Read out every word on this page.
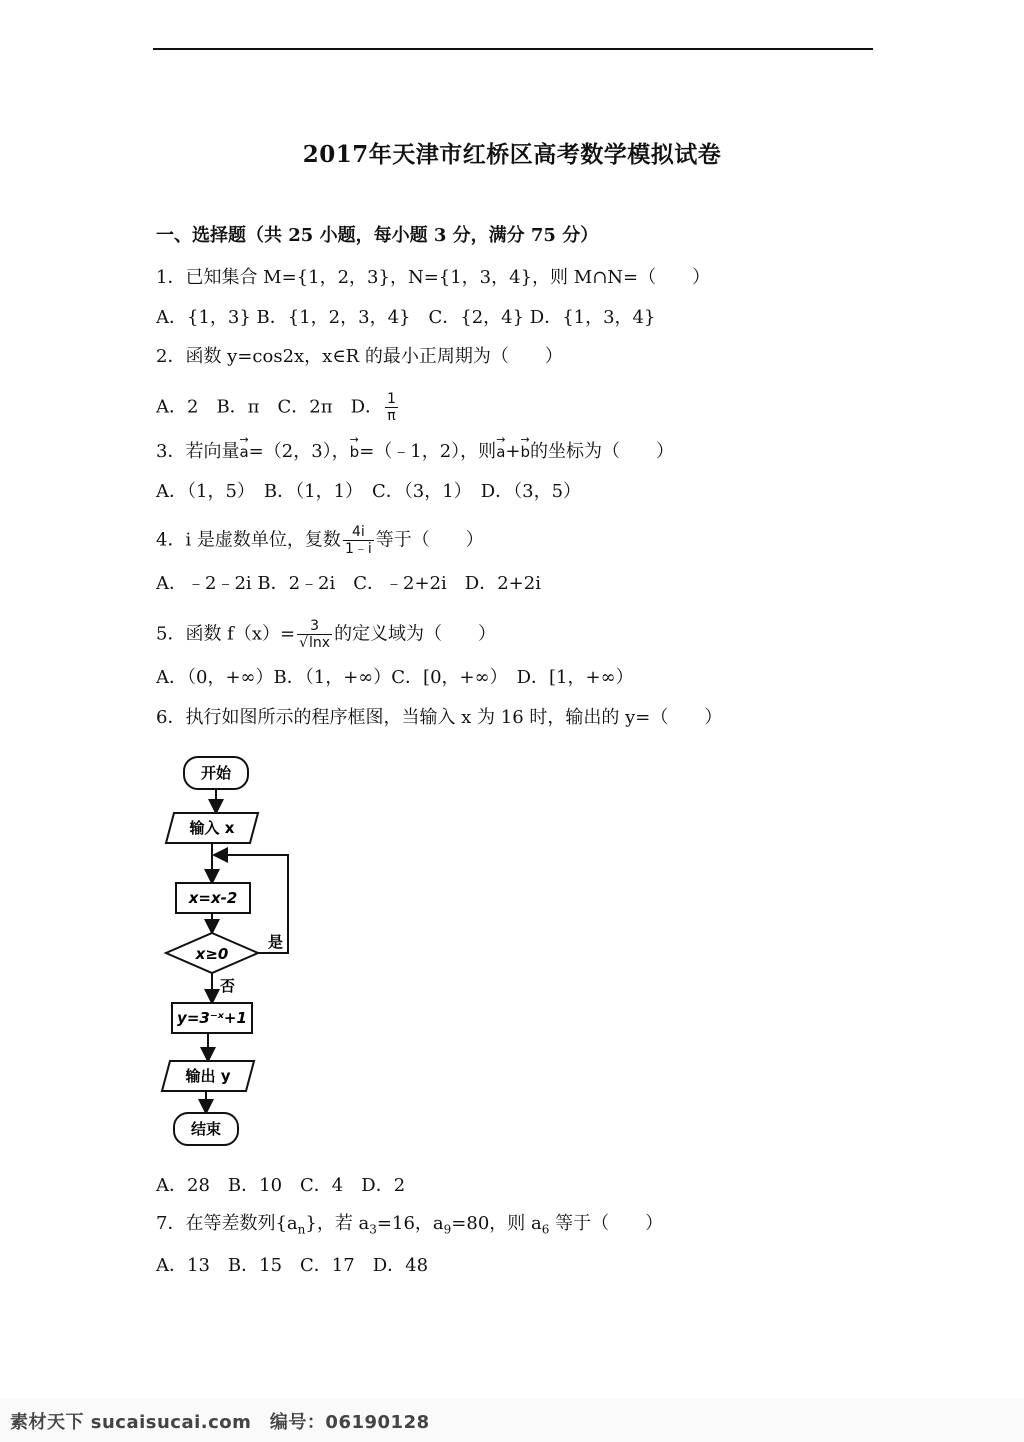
2017年天津市红桥区高考数学模拟试卷
一、选择题（共 25 小题，每小题 3 分，满分 75 分）
1．已知集合 M={1，2，3}，N={1，3，4}，则 M∩N=（　　）
A．{1，3} B．{1，2，3，4}　C．{2，4} D．{1，3，4}
2．函数 y=cos2x，x∈R 的最小正周期为（　　）
A．2　B．π　C．2π　D． $\frac{1}{\pi}$
3．若向量→ a=（2，3），→ b=（﹣1，2），则→ a+→ b的坐标为（　　）
A．（1，5）　B．（1，1）　C．（3，1）　D．（3，5）
4．i 是虚数单位，复数 $\frac{4i}{1﹣i}$ 等于（　　）
A．﹣2﹣2i B．2﹣2i　C．﹣2+2i　D．2+2i
5．函数 $f(x)= \frac{3}{√\ln x}$ 的定义域为（　　）
A．（0，+∞）B．（1，+∞）C．[0，+∞）　D．[1，+∞）
6．执行如图所示的程序框图，当输入 x 为 16 时，输出的 y=（　　）
开始
输入 x
x=x-2
x≥0
是
否
y=3⁻ˣ+1
输出 y
结束
A．28　B．10　C．4　D．2
7．在等差数列$\{a_n\}$，若 $a_3=16$，$a_9=80$，则 $a_6$ 等于（　　）
A．13　B．15　C．17　D．48
素材天下 sucaisucai.com　编号：06190128
